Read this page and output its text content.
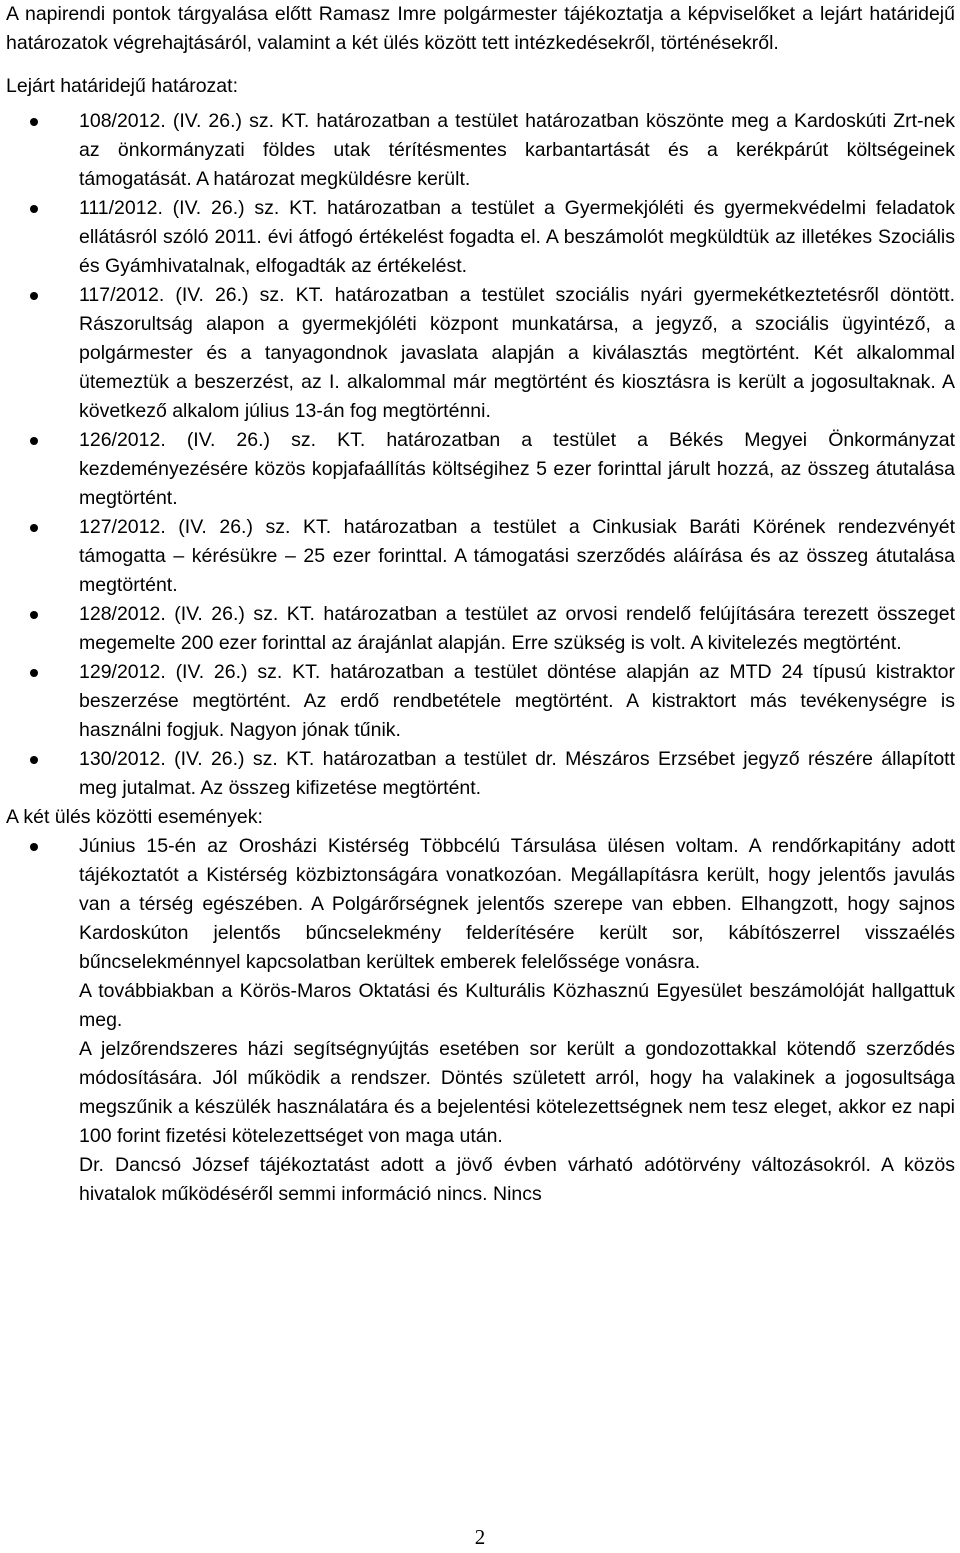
A napirendi pontok tárgyalása előtt Ramasz Imre polgármester tájékoztatja a képviselőket a lejárt határidejű határozatok végrehajtásáról, valamint a két ülés között tett intézkedésekről, történésekről.

Lejárt határidejű határozat:

108/2012. (IV. 26.) sz. KT. határozatban a testület határozatban köszönte meg a Kardoskúti Zrt-nek az önkormányzati földes utak térítésmentes karbantartását és a kerékpárút költségeinek támogatását. A határozat megküldésre került.
111/2012. (IV. 26.) sz. KT. határozatban a testület a Gyermekjóléti és gyermekvédelmi feladatok ellátásról szóló 2011. évi átfogó értékelést fogadta el. A beszámolót megküldtük az illetékes Szociális és Gyámhivatalnak, elfogadták az értékelést.
117/2012. (IV. 26.) sz. KT. határozatban a testület szociális nyári gyermekétkeztetésről döntött. Rászorultság alapon a gyermekjóléti központ munkatársa, a jegyző, a szociális ügyintéző, a polgármester és a tanyagondnok javaslata alapján a kiválasztás megtörtént. Két alkalommal ütemeztük a beszerzést, az I. alkalommal már megtörtént és kiosztásra is került a jogosultaknak. A következő alkalom július 13-án fog megtörténni.
126/2012. (IV. 26.) sz. KT. határozatban a testület a Békés Megyei Önkormányzat kezdeményezésére közös kopjafaállítás költségihez 5 ezer forinttal járult hozzá, az összeg átutalása megtörtént.
127/2012. (IV. 26.) sz. KT. határozatban a testület a Cinkusiak Baráti Körének rendezvényét támogatta – kérésükre – 25 ezer forinttal. A támogatási szerződés aláírása és az összeg átutalása megtörtént.
128/2012. (IV. 26.) sz. KT. határozatban a testület az orvosi rendelő felújítására terezett összeget megemelte 200 ezer forinttal az árajánlat alapján. Erre szükség is volt. A kivitelezés megtörtént.
129/2012. (IV. 26.) sz. KT. határozatban a testület döntése alapján az MTD 24 típusú kistraktor beszerzése megtörtént. Az erdő rendbetétele megtörtént. A kistraktort más tevékenységre is használni fogjuk. Nagyon jónak tűnik.
130/2012. (IV. 26.) sz. KT. határozatban a testület dr. Mészáros Erzsébet jegyző részére állapított meg jutalmat. Az összeg kifizetése megtörtént.

A két ülés közötti események:

Június 15-én az Orosházi Kistérség Többcélú Társulása ülésen voltam. A rendőrkapitány adott tájékoztatót a Kistérség közbiztonságára vonatkozóan. Megállapításra került, hogy jelentős javulás van a térség egészében. A Polgárőrségnek jelentős szerepe van ebben. Elhangzott, hogy sajnos Kardoskúton jelentős bűncselekmény felderítésére került sor, kábítószerrel visszaélés bűncselekménnyel kapcsolatban kerültek emberek felelőssége vonásra.

A továbbiakban a Körös-Maros Oktatási és Kulturális Közhasznú Egyesület beszámolóját hallgattuk meg.

A jelzőrendszeres házi segítségnyújtás esetében sor került a gondozottakkal kötendő szerződés módosítására. Jól működik a rendszer. Döntés született arról, hogy ha valakinek a jogosultsága megszűnik a készülék használatára és a bejelentési kötelezettségnek nem tesz eleget, akkor ez napi 100 forint fizetési kötelezettséget von maga után.

Dr. Dancsó József tájékoztatást adott a jövő évben várható adótörvény változásokról. A közös hivatalok működéséről semmi információ nincs. Nincs

2
